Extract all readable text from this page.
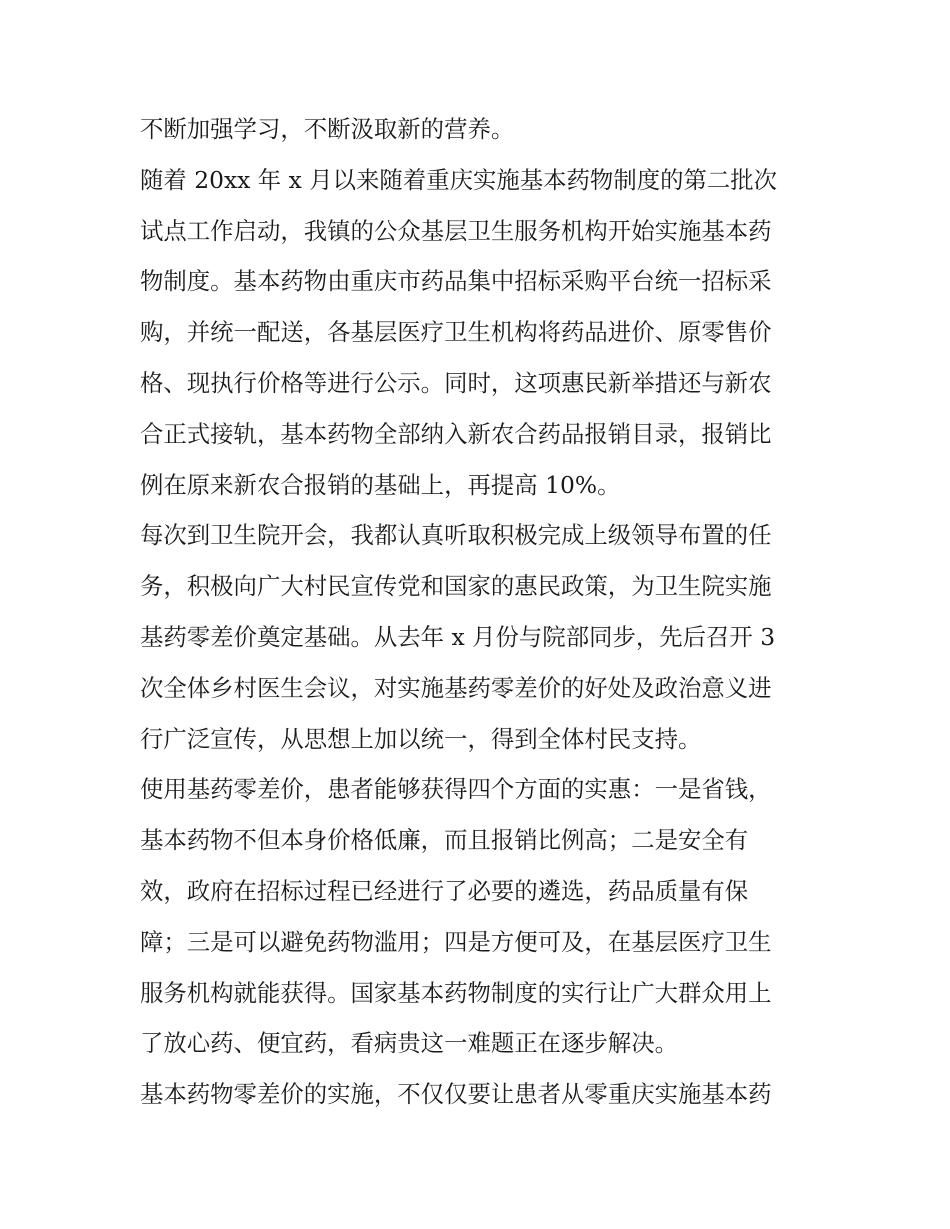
不断加强学习，不断汲取新的营养。
随着 20xx 年 x 月以来随着重庆实施基本药物制度的第二批次
试点工作启动，我镇的公众基层卫生服务机构开始实施基本药
物制度。基本药物由重庆市药品集中招标采购平台统一招标采
购，并统一配送，各基层医疗卫生机构将药品进价、原零售价
格、现执行价格等进行公示。同时，这项惠民新举措还与新农
合正式接轨，基本药物全部纳入新农合药品报销目录，报销比
例在原来新农合报销的基础上，再提高 10%。
每次到卫生院开会，我都认真听取积极完成上级领导布置的任
务，积极向广大村民宣传党和国家的惠民政策，为卫生院实施
基药零差价奠定基础。从去年 x 月份与院部同步，先后召开 3
次全体乡村医生会议，对实施基药零差价的好处及政治意义进
行广泛宣传，从思想上加以统一，得到全体村民支持。
使用基药零差价，患者能够获得四个方面的实惠：一是省钱，
基本药物不但本身价格低廉，而且报销比例高；二是安全有
效，政府在招标过程已经进行了必要的遴选，药品质量有保
障；三是可以避免药物滥用；四是方便可及，在基层医疗卫生
服务机构就能获得。国家基本药物制度的实行让广大群众用上
了放心药、便宜药，看病贵这一难题正在逐步解决。
基本药物零差价的实施，不仅仅要让患者从零重庆实施基本药
